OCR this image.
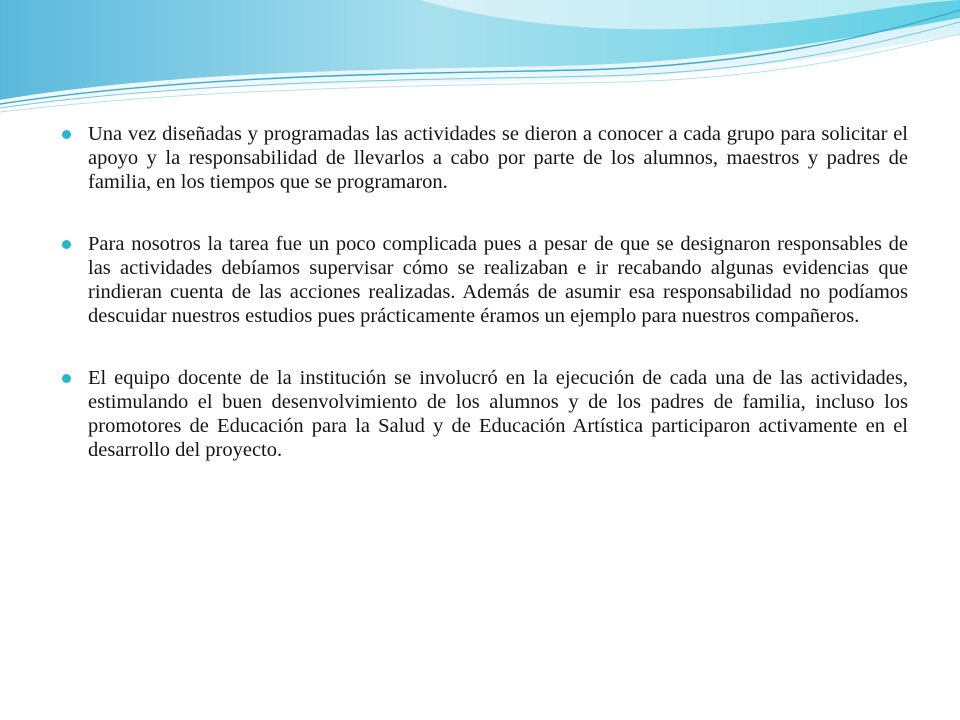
Una vez diseñadas y programadas las actividades se dieron a conocer a cada grupo para solicitar el apoyo y la responsabilidad de llevarlos a cabo por parte de los alumnos, maestros y padres de familia, en los tiempos que se programaron.
Para nosotros la tarea fue un poco complicada pues a pesar de que se designaron responsables de las actividades debíamos supervisar cómo se realizaban e ir recabando algunas evidencias que rindieran cuenta de las acciones realizadas. Además de asumir esa responsabilidad no podíamos descuidar nuestros estudios pues prácticamente éramos un ejemplo para nuestros compañeros.
El equipo docente de la institución se involucró en la ejecución de cada una de las actividades, estimulando el buen desenvolvimiento de los alumnos y de los padres de familia, incluso los promotores de Educación para la Salud y de Educación Artística participaron activamente en el desarrollo del proyecto.
